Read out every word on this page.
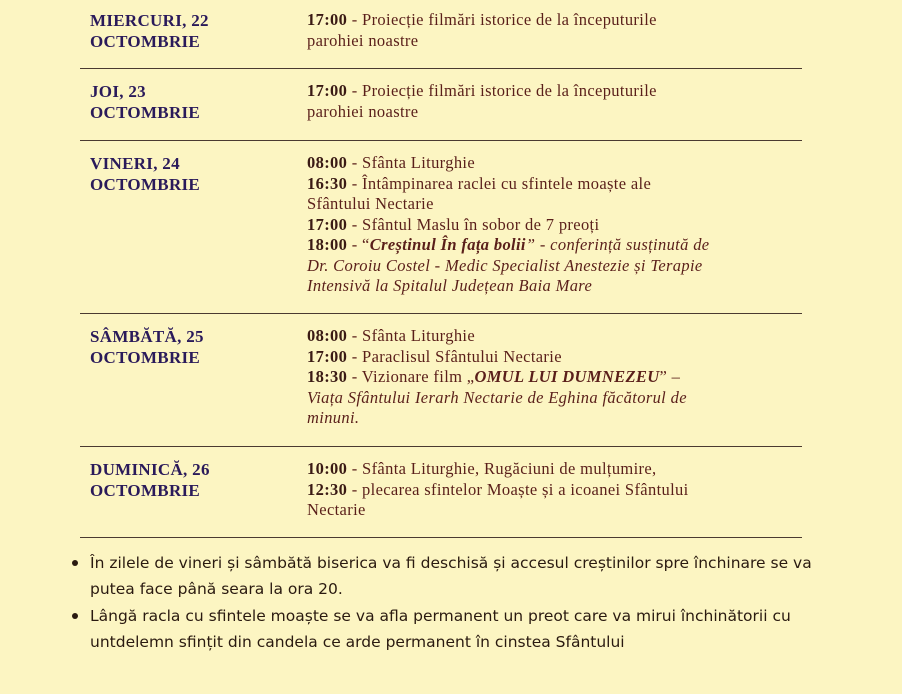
MIERCURI, 22
OCTOMBRIE
17:00 - Proiecție filmări istorice de la începuturile
parohiei noastre
JOI, 23
OCTOMBRIE
17:00 - Proiecție filmări istorice de la începuturile
parohiei noastre
VINERI, 24
OCTOMBRIE
08:00 - Sfânta Liturghie
16:30 - Întâmpinarea raclei cu sfintele moaște ale
Sfântului Nectarie
17:00 - Sfântul Maslu în sobor de 7 preoți
18:00 - “Creștinul În fața bolii” - conferință susținută de
Dr. Coroiu Costel - Medic Specialist Anestezie și Terapie
Intensivă la Spitalul Județean Baia Mare
SÂMBĂTĂ, 25
OCTOMBRIE
08:00 - Sfânta Liturghie
17:00 - Paraclisul Sfântului Nectarie
18:30 - Vizionare film „OMUL LUI DUMNEZEU” –
Viața Sfântului Ierarh Nectarie de Eghina făcătorul de
minuni.
DUMINICĂ, 26
OCTOMBRIE
10:00 - Sfânta Liturghie, Rugăciuni de mulțumire,
12:30 - plecarea sfintelor Moaște și a icoanei Sfântului
Nectarie
În zilele de vineri și sâmbătă biserica va fi deschisă și accesul creștinilor spre închinare se va putea face până seara la ora 20.
Lângă racla cu sfintele moaște se va afla permanent un preot care va mirui închinătorii cu untdelemn sfințit din candela ce arde permanent în cinstea Sfântului
